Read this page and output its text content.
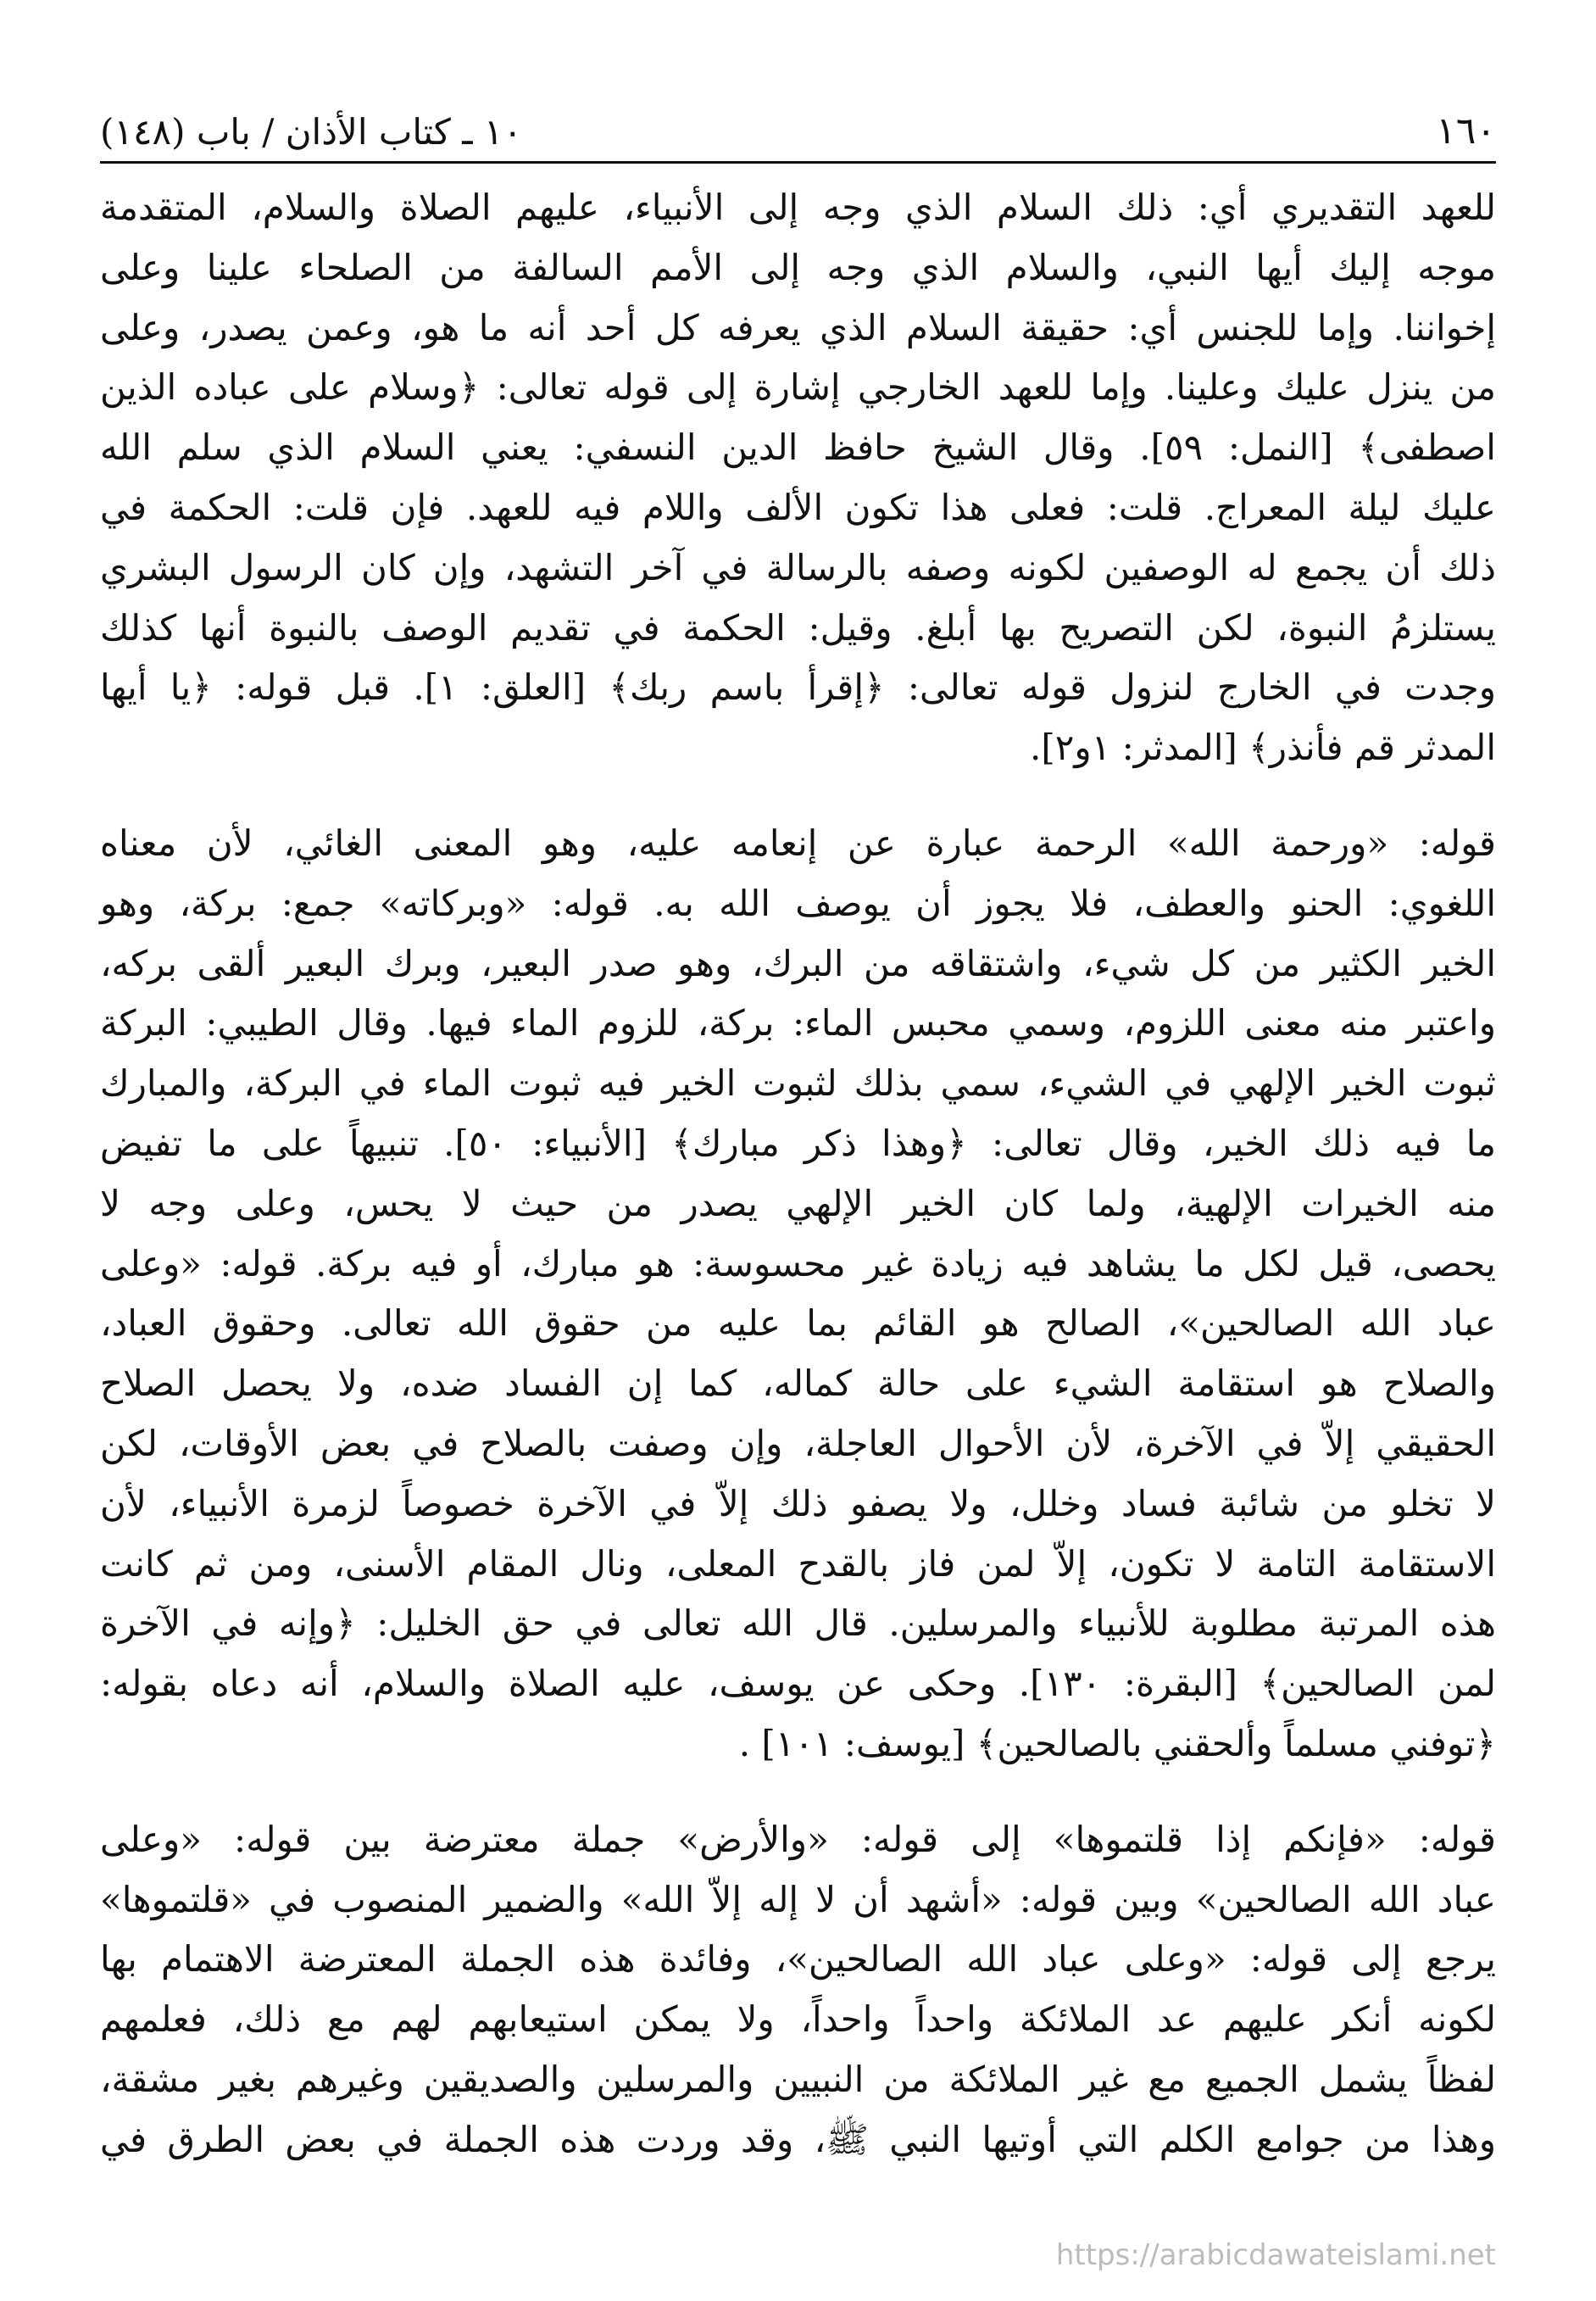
١٦٠
١٠ ـ كتاب الأذان / باب (١٤٨)

للعهد التقديري أي: ذلك السلام الذي وجه إلى الأنبياء، عليهم الصلاة والسلام، المتقدمة
موجه إليك أيها النبي، والسلام الذي وجه إلى الأمم السالفة من الصلحاء علينا وعلى
إخواننا. وإما للجنس أي: حقيقة السلام الذي يعرفه كل أحد أنه ما هو، وعمن يصدر، وعلى
من ينزل عليك وعلينا. وإما للعهد الخارجي إشارة إلى قوله تعالى: ﴿وسلام على عباده الذين
اصطفى﴾ [النمل: ٥٩]. وقال الشيخ حافظ الدين النسفي: يعني السلام الذي سلم الله
عليك ليلة المعراج. قلت: فعلى هذا تكون الألف واللام فيه للعهد. فإن قلت: الحكمة في
ذلك أن يجمع له الوصفين لكونه وصفه بالرسالة في آخر التشهد، وإن كان الرسول البشري
يستلزمُ النبوة، لكن التصريح بها أبلغ. وقيل: الحكمة في تقديم الوصف بالنبوة أنها كذلك
وجدت في الخارج لنزول قوله تعالى: ﴿إقرأ باسم ربك﴾ [العلق: ١]. قبل قوله: ﴿يا أيها
المدثر قم فأنذر﴾ [المدثر: ١و٢].

قوله: «ورحمة الله» الرحمة عبارة عن إنعامه عليه، وهو المعنى الغائي، لأن معناه
اللغوي: الحنو والعطف، فلا يجوز أن يوصف الله به. قوله: «وبركاته» جمع: بركة، وهو
الخير الكثير من كل شيء، واشتقاقه من البرك، وهو صدر البعير، وبرك البعير ألقى بركه،
واعتبر منه معنى اللزوم، وسمي محبس الماء: بركة، للزوم الماء فيها. وقال الطيبي: البركة
ثبوت الخير الإلهي في الشيء، سمي بذلك لثبوت الخير فيه ثبوت الماء في البركة، والمبارك
ما فيه ذلك الخير، وقال تعالى: ﴿وهذا ذكر مبارك﴾ [الأنبياء: ٥٠]. تنبيهاً على ما تفيض
منه الخيرات الإلهية، ولما كان الخير الإلهي يصدر من حيث لا يحس، وعلى وجه لا
يحصى، قيل لكل ما يشاهد فيه زيادة غير محسوسة: هو مبارك، أو فيه بركة. قوله: «وعلى
عباد الله الصالحين»، الصالح هو القائم بما عليه من حقوق الله تعالى. وحقوق العباد،
والصلاح هو استقامة الشيء على حالة كماله، كما إن الفساد ضده، ولا يحصل الصلاح
الحقيقي إلاّ في الآخرة، لأن الأحوال العاجلة، وإن وصفت بالصلاح في بعض الأوقات، لكن
لا تخلو من شائبة فساد وخلل، ولا يصفو ذلك إلاّ في الآخرة خصوصاً لزمرة الأنبياء، لأن
الاستقامة التامة لا تكون، إلاّ لمن فاز بالقدح المعلى، ونال المقام الأسنى، ومن ثم كانت
هذه المرتبة مطلوبة للأنبياء والمرسلين. قال الله تعالى في حق الخليل: ﴿وإنه في الآخرة
لمن الصالحين﴾ [البقرة: ١٣٠]. وحكى عن يوسف، عليه الصلاة والسلام، أنه دعاه بقوله:
﴿توفني مسلماً وألحقني بالصالحين﴾ [يوسف: ١٠١] .

قوله: «فإنكم إذا قلتموها» إلى قوله: «والأرض» جملة معترضة بين قوله: «وعلى
عباد الله الصالحين» وبين قوله: «أشهد أن لا إله إلاّ الله» والضمير المنصوب في «قلتموها»
يرجع إلى قوله: «وعلى عباد الله الصالحين»، وفائدة هذه الجملة المعترضة الاهتمام بها
لكونه أنكر عليهم عد الملائكة واحداً واحداً، ولا يمكن استيعابهم لهم مع ذلك، فعلمهم
لفظاً يشمل الجميع مع غير الملائكة من النبيين والمرسلين والصديقين وغيرهم بغير مشقة،
وهذا من جوامع الكلم التي أوتيها النبي ﷺ، وقد وردت هذه الجملة في بعض الطرق في

https://arabicdawateislami.net
